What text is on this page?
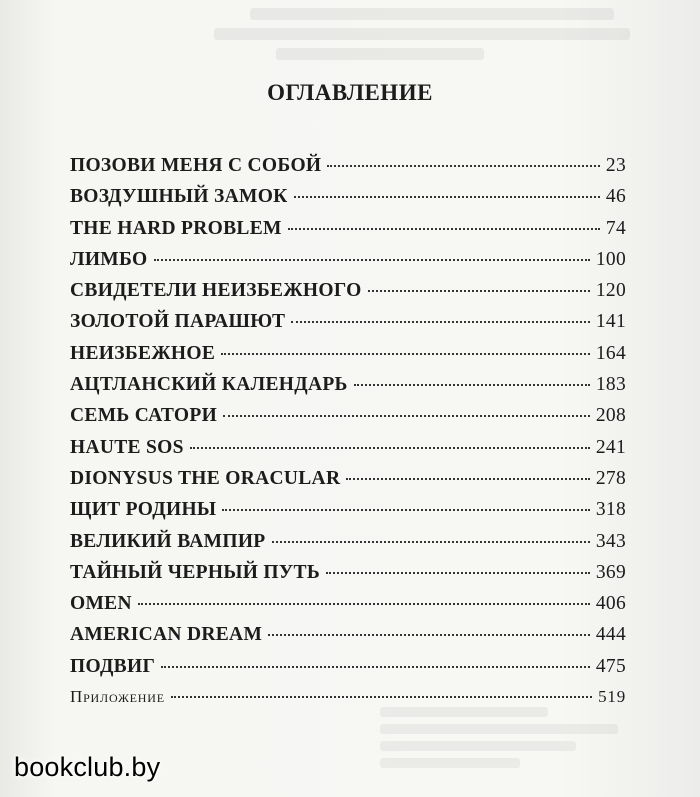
ОГЛАВЛЕНИЕ
ПОЗОВИ МЕНЯ С СОБОЙ	23
ВОЗДУШНЫЙ ЗАМОК	46
THE HARD PROBLEM	74
ЛИМБО	100
СВИДЕТЕЛИ НЕИЗБЕЖНОГО	120
ЗОЛОТОЙ ПАРАШЮТ	141
НЕИЗБЕЖНОЕ	164
АЦТЛАНСКИЙ КАЛЕНДАРЬ	183
СЕМЬ САТОРИ	208
HAUTE SOS	241
DIONYSUS THE ORACULAR	278
ЩИТ РОДИНЫ	318
ВЕЛИКИЙ ВАМПИР	343
ТАЙНЫЙ ЧЕРНЫЙ ПУТЬ	369
OMEN	406
AMERICAN DREAM	444
ПОДВИГ	475
Приложение	519
bookclub.by
